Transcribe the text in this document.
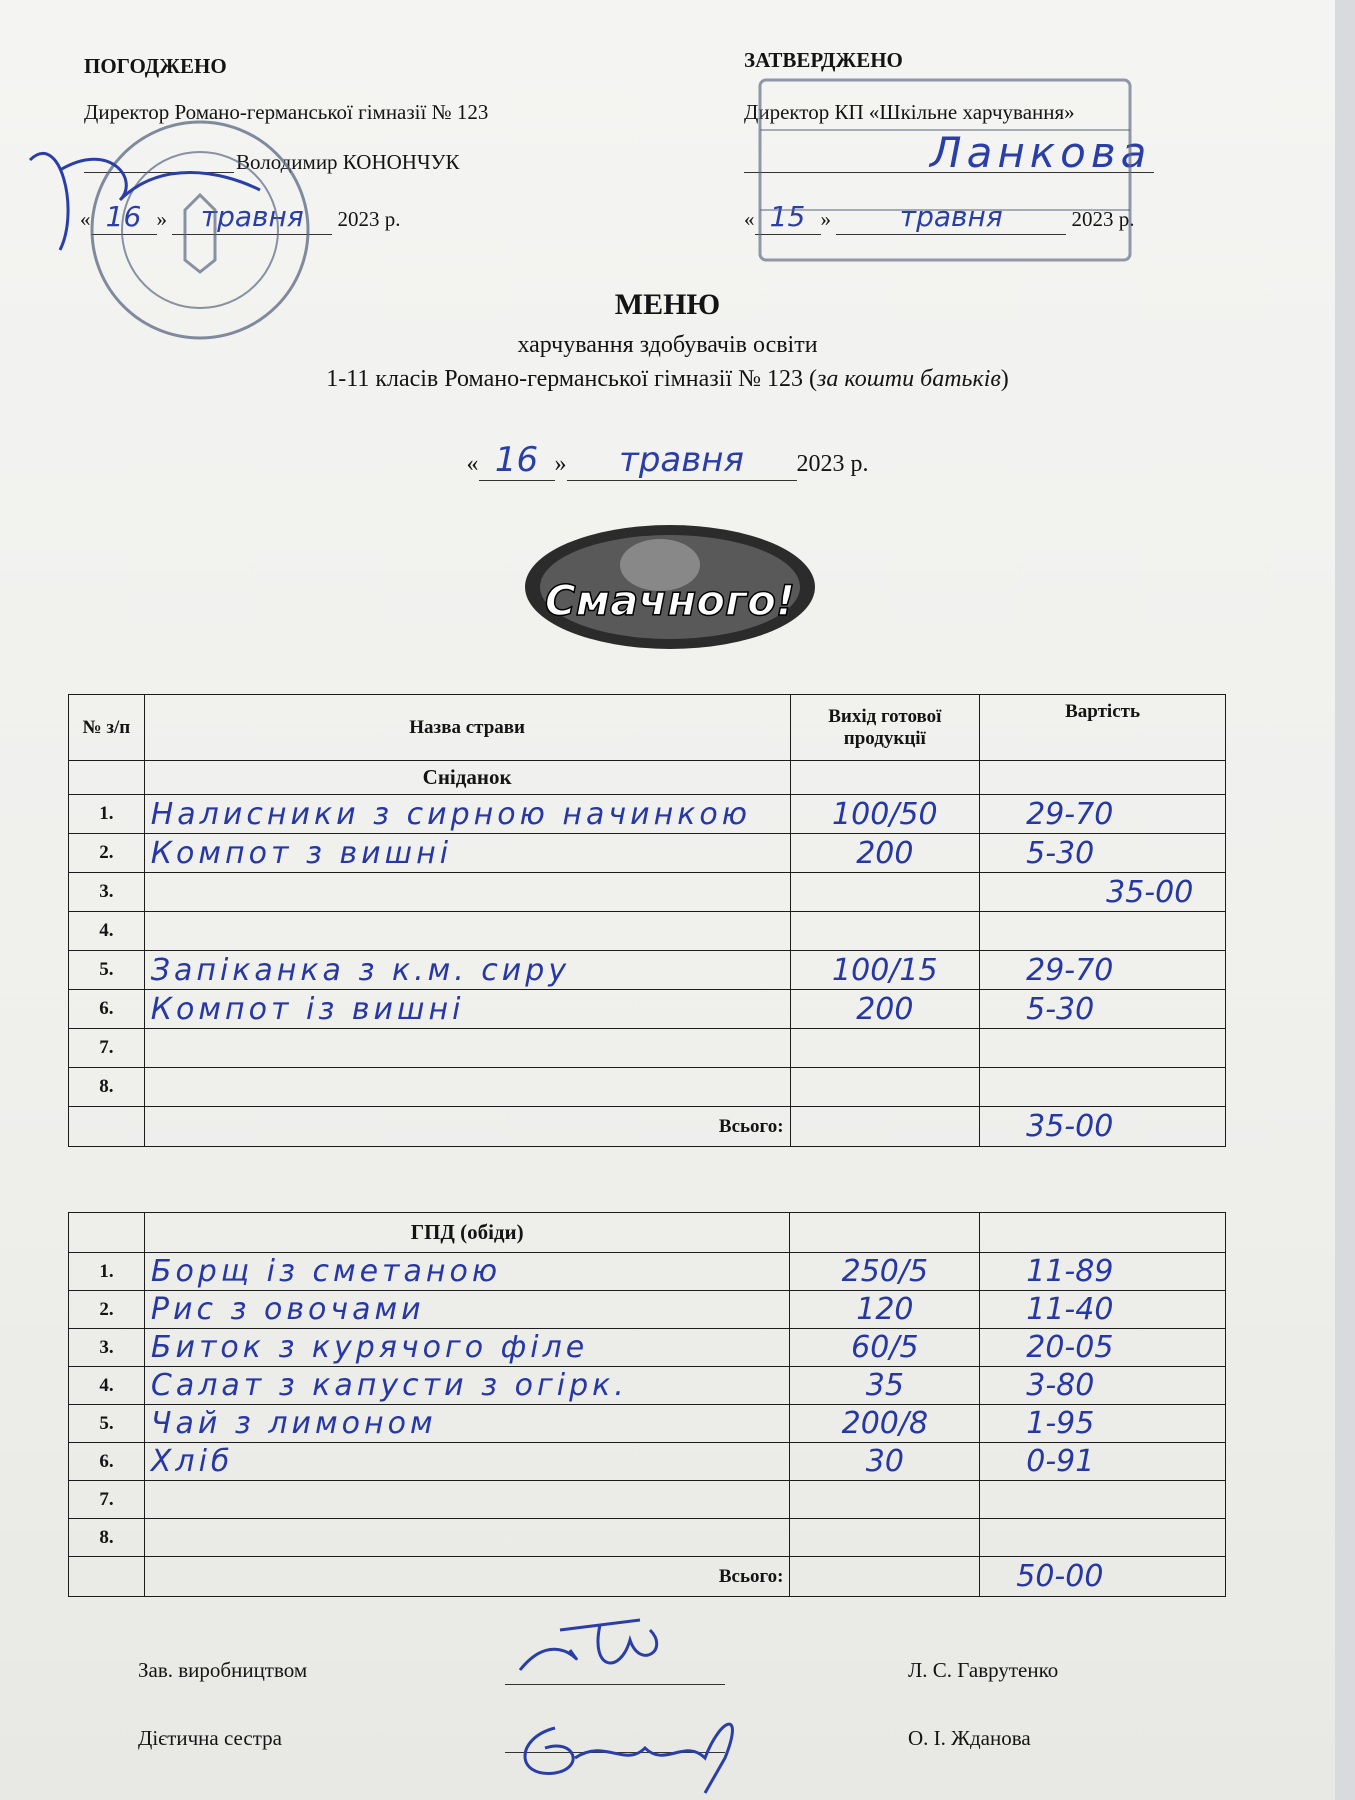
ПОГОДЖЕНО
Директор Романо-германської гімназії № 123
Володимир КОНОНЧУК
« 16 » травня 2023 р.
ЗАТВЕРДЖЕНО
Директор КП «Шкільне харчування»
Ланкова
« 15 » травня	2023 р.
МЕНЮ
харчування здобувачів освіти
1-11 класів Романо-германської гімназії № 123 (за кошти батьків)
« 16 » травня 2023 р.
Смачного!
№ з/п	Назва страви	Вихід готової продукції	Вартість
	Сніданок		
1.	Налисники з сирною начинкою	100/50	29-70
2.	Компот з вишні	200	5-30
3.			35-00
4.			
5.	Запіканка з к.м. сиру	100/15	29-70
6.	Компот із вишні	200	5-30
7.			
8.			
	Всього:		35-00
	ГПД (обіди)		
1.	Борщ із сметаною	250/5	11-89
2.	Рис з овочами	120	11-40
3.	Биток з курячого філе	60/5	20-05
4.	Салат з капусти з огірк.	35	3-80
5.	Чай з лимоном	200/8	1-95
6.	Хліб	30	0-91
7.			
8.			
	Всього:		50-00
Зав. виробництвом	Л. С. Гаврутенко
Дієтична сестра	О. І. Жданова
